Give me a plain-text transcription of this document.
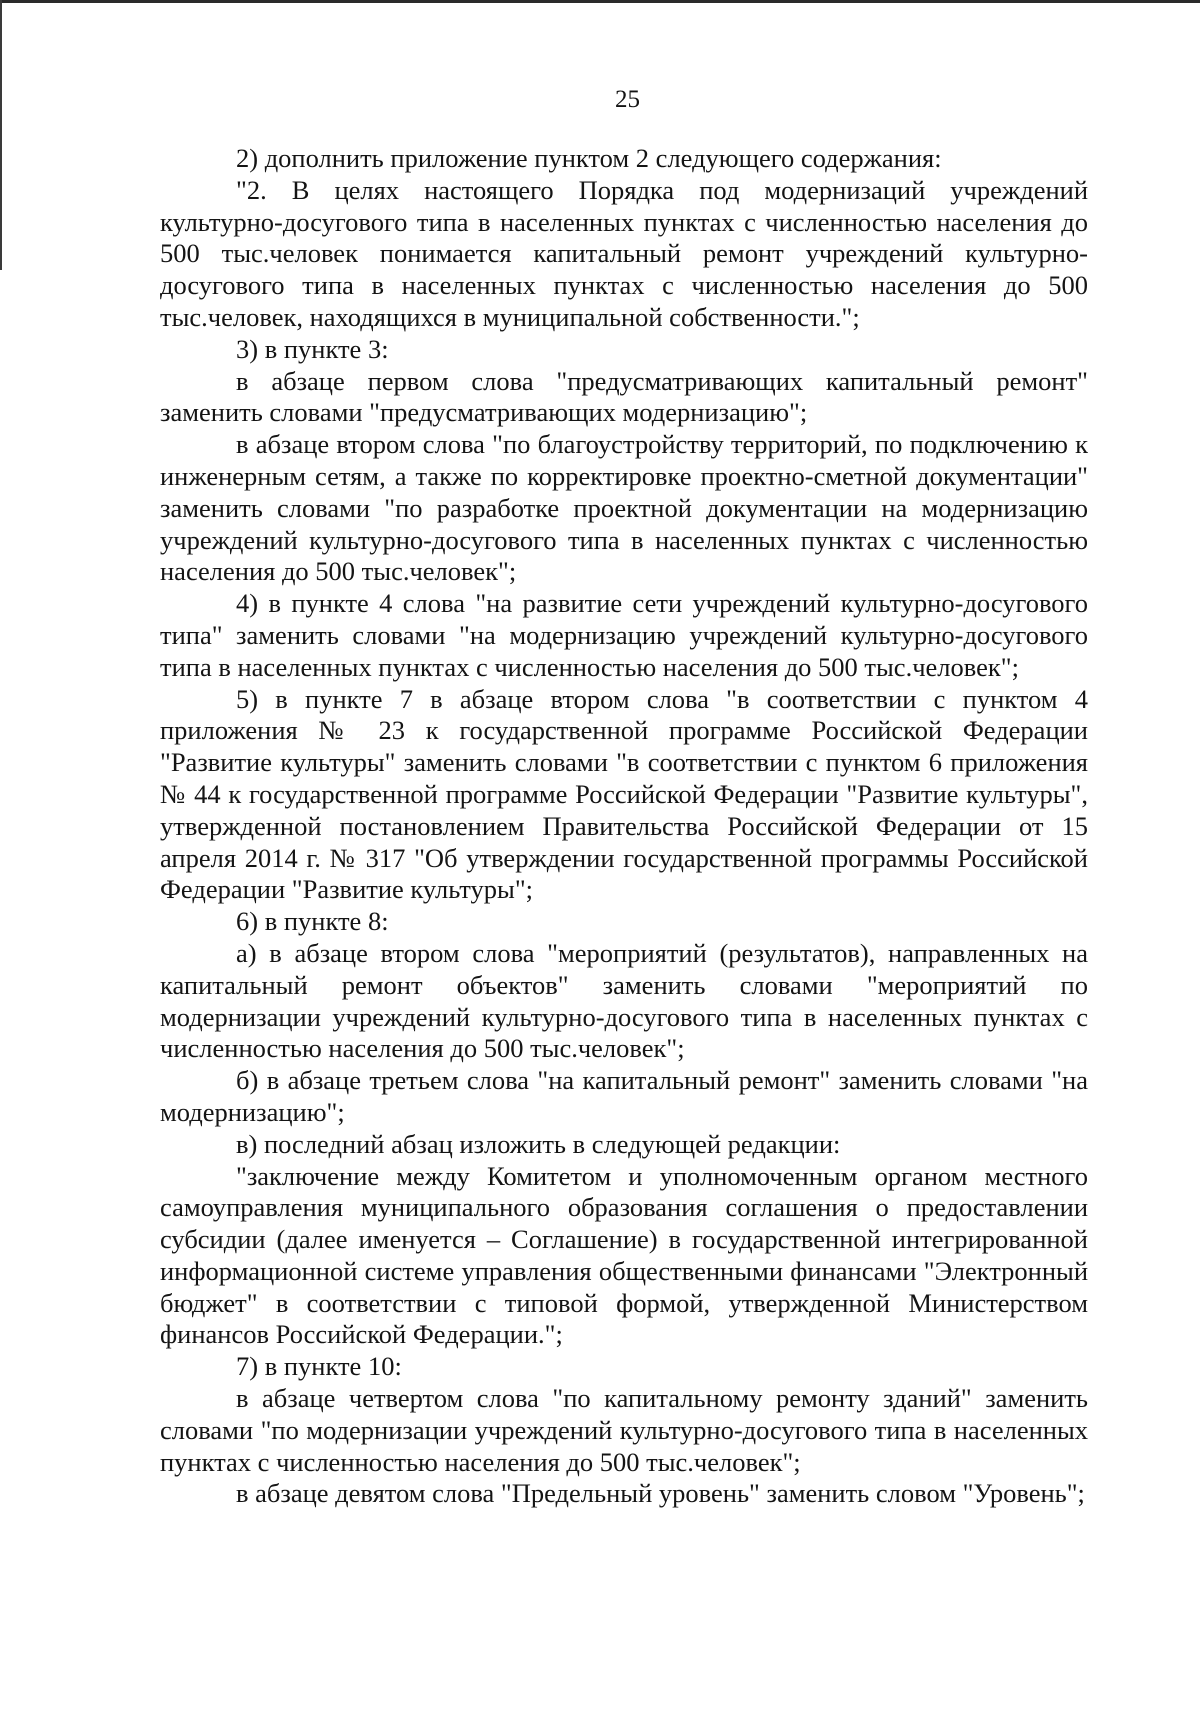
25

2) дополнить приложение пунктом 2 следующего содержания:

"2. В целях настоящего Порядка под модернизаций учреждений культурно-досугового типа в населенных пунктах с численностью населения до 500 тыс.человек понимается капитальный ремонт учреждений культурно-досугового типа в населенных пунктах с численностью населения до 500 тыс.человек, находящихся в муниципальной собственности.";

3) в пункте 3:

в абзаце первом слова "предусматривающих капитальный ремонт" заменить словами "предусматривающих модернизацию";

в абзаце втором слова "по благоустройству территорий, по подключению к инженерным сетям, а также по корректировке проектно-сметной документации" заменить словами "по разработке проектной документации на модернизацию учреждений культурно-досугового типа в населенных пунктах с численностью населения до 500 тыс.человек";

4) в пункте 4 слова "на развитие сети учреждений культурно-досугового типа" заменить словами "на модернизацию учреждений культурно-досугового типа в населенных пунктах с численностью населения до 500 тыс.человек";

5) в пункте 7 в абзаце втором слова "в соответствии с пунктом 4 приложения № 23 к государственной программе Российской Федерации "Развитие культуры" заменить словами "в соответствии с пунктом 6 приложения № 44 к государственной программе Российской Федерации "Развитие культуры", утвержденной постановлением Правительства Российской Федерации от 15 апреля 2014 г. № 317 "Об утверждении государственной программы Российской Федерации "Развитие культуры";

6) в пункте 8:

а) в абзаце втором слова "мероприятий (результатов), направленных на капитальный ремонт объектов" заменить словами "мероприятий по модернизации учреждений культурно-досугового типа в населенных пунктах с численностью населения до 500 тыс.человек";

б) в абзаце третьем слова "на капитальный ремонт" заменить словами "на модернизацию";

в) последний абзац изложить в следующей редакции:

"заключение между Комитетом и уполномоченным органом местного самоуправления муниципального образования соглашения о предоставлении субсидии (далее именуется – Соглашение) в государственной интегрированной информационной системе управления общественными финансами "Электронный бюджет" в соответствии с типовой формой, утвержденной Министерством финансов Российской Федерации.";

7) в пункте 10:

в абзаце четвертом слова "по капитальному ремонту зданий" заменить словами "по модернизации учреждений культурно-досугового типа в населенных пунктах с численностью населения до 500 тыс.человек";

в абзаце девятом слова "Предельный уровень" заменить словом "Уровень";
